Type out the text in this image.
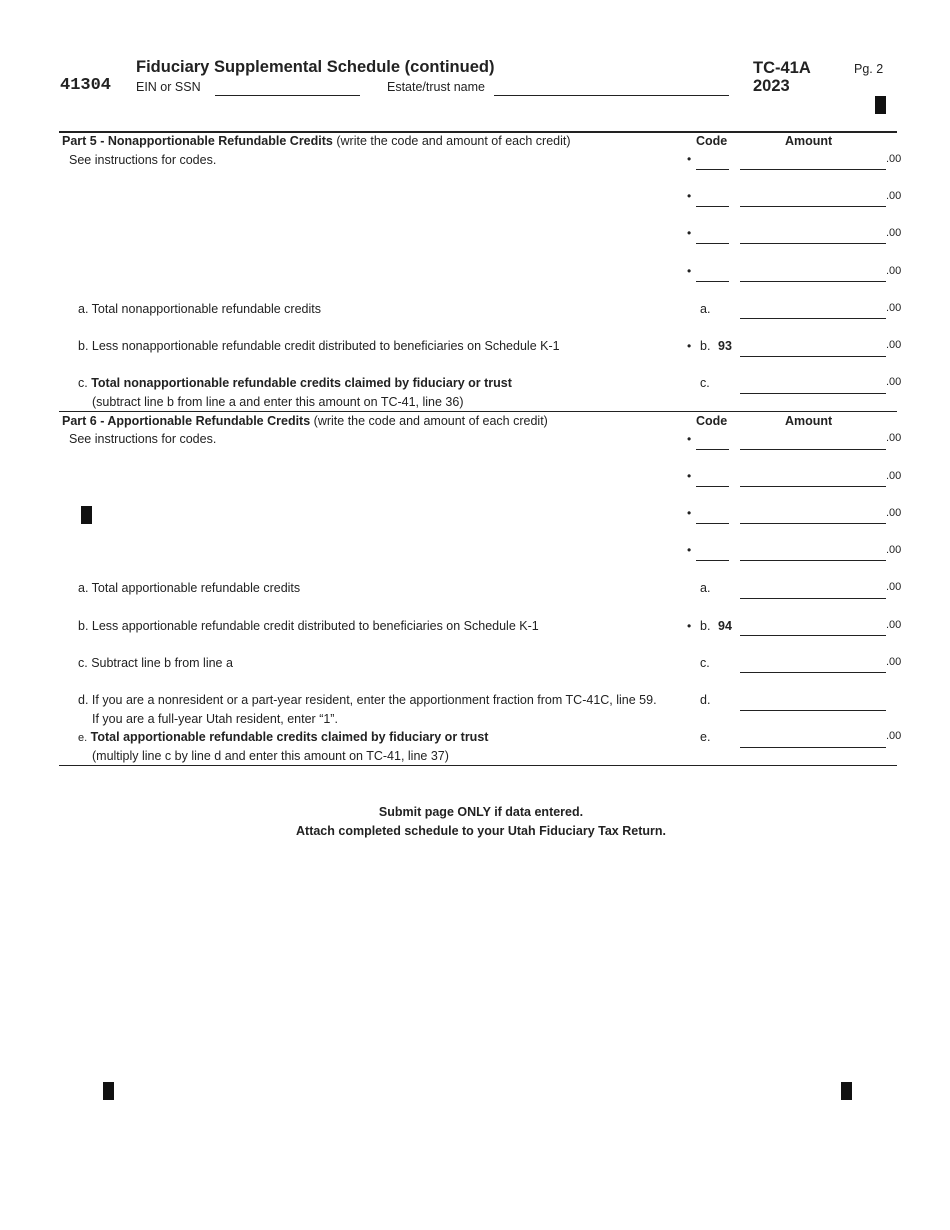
41304
Fiduciary Supplemental Schedule (continued)
EIN or SSN	Estate/trust name
TC-41A
2023
Pg. 2
Part 5 - Nonapportionable Refundable Credits (write the code and amount of each credit)	Code	Amount
See instructions for codes.	•	.00
•	.00
•	.00
•	.00
a. Total nonapportionable refundable credits	a.	.00
b. Less nonapportionable refundable credit distributed to beneficiaries on Schedule K-1	• b. 93	.00
c. Total nonapportionable refundable credits claimed by fiduciary or trust
(subtract line b from line a and enter this amount on TC-41, line 36)
c.	.00
Part 6 - Apportionable Refundable Credits (write the code and amount of each credit)	Code	Amount
See instructions for codes.	•	.00
•	.00
•	.00
•	.00
a. Total apportionable refundable credits	a.	.00
b. Less apportionable refundable credit distributed to beneficiaries on Schedule K-1	• b. 94	.00
c. Subtract line b from line a	c.	.00
d. If you are a nonresident or a part-year resident, enter the apportionment fraction from TC-41C, line 59.
If you are a full-year Utah resident, enter “1”.
d.
e. Total apportionable refundable credits claimed by fiduciary or trust
(multiply line c by line d and enter this amount on TC-41, line 37)
e.	.00
Submit page ONLY if data entered.
Attach completed schedule to your Utah Fiduciary Tax Return.
